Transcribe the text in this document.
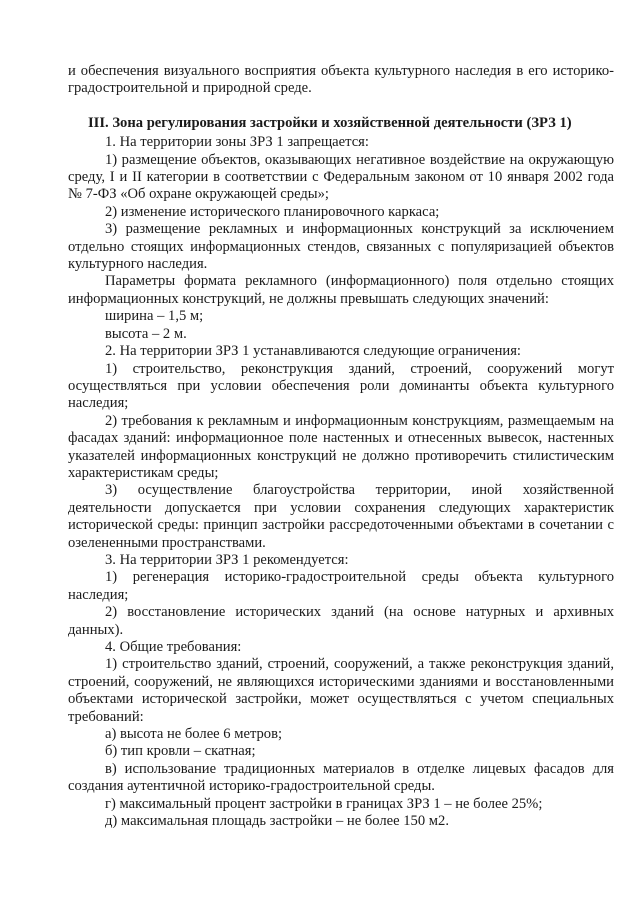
и обеспечения визуального восприятия объекта культурного наследия в его историко-градостроительной и природной среде.

III. Зона регулирования застройки и хозяйственной деятельности (ЗРЗ 1)

1. На территории зоны ЗРЗ 1 запрещается:

1) размещение объектов, оказывающих негативное воздействие на окружающую среду, I и II категории в соответствии с Федеральным законом от 10 января 2002 года № 7-ФЗ «Об охране окружающей среды»;

2) изменение исторического планировочного каркаса;

3) размещение рекламных и информационных конструкций за исключением отдельно стоящих информационных стендов, связанных с популяризацией объектов культурного наследия.

Параметры формата рекламного (информационного) поля отдельно стоящих информационных конструкций, не должны превышать следующих значений:

ширина – 1,5 м;

высота – 2 м.

2. На территории ЗРЗ 1 устанавливаются следующие ограничения:

1) строительство, реконструкция зданий, строений, сооружений могут осуществляться при условии обеспечения роли доминанты объекта культурного наследия;

2) требования к рекламным и информационным конструкциям, размещаемым на фасадах зданий: информационное поле настенных и отнесенных вывесок, настенных указателей информационных конструкций не должно противоречить стилистическим характеристикам среды;

3) осуществление благоустройства территории, иной хозяйственной деятельности допускается при условии сохранения следующих характеристик исторической среды: принцип застройки рассредоточенными объектами в сочетании с озелененными пространствами.

3. На территории ЗРЗ 1 рекомендуется:

1) регенерация историко-градостроительной среды объекта культурного наследия;

2) восстановление исторических зданий (на основе натурных и архивных данных).

4. Общие требования:

1) строительство зданий, строений, сооружений, а также реконструкция зданий, строений, сооружений, не являющихся историческими зданиями и восстановленными объектами исторической застройки, может осуществляться с учетом специальных требований:

а) высота не более 6 метров;

б) тип кровли – скатная;

в) использование традиционных материалов в отделке лицевых фасадов для создания аутентичной историко-градостроительной среды.

г) максимальный процент застройки в границах ЗРЗ 1 – не более 25%;

д) максимальная площадь застройки – не более 150 м2.
